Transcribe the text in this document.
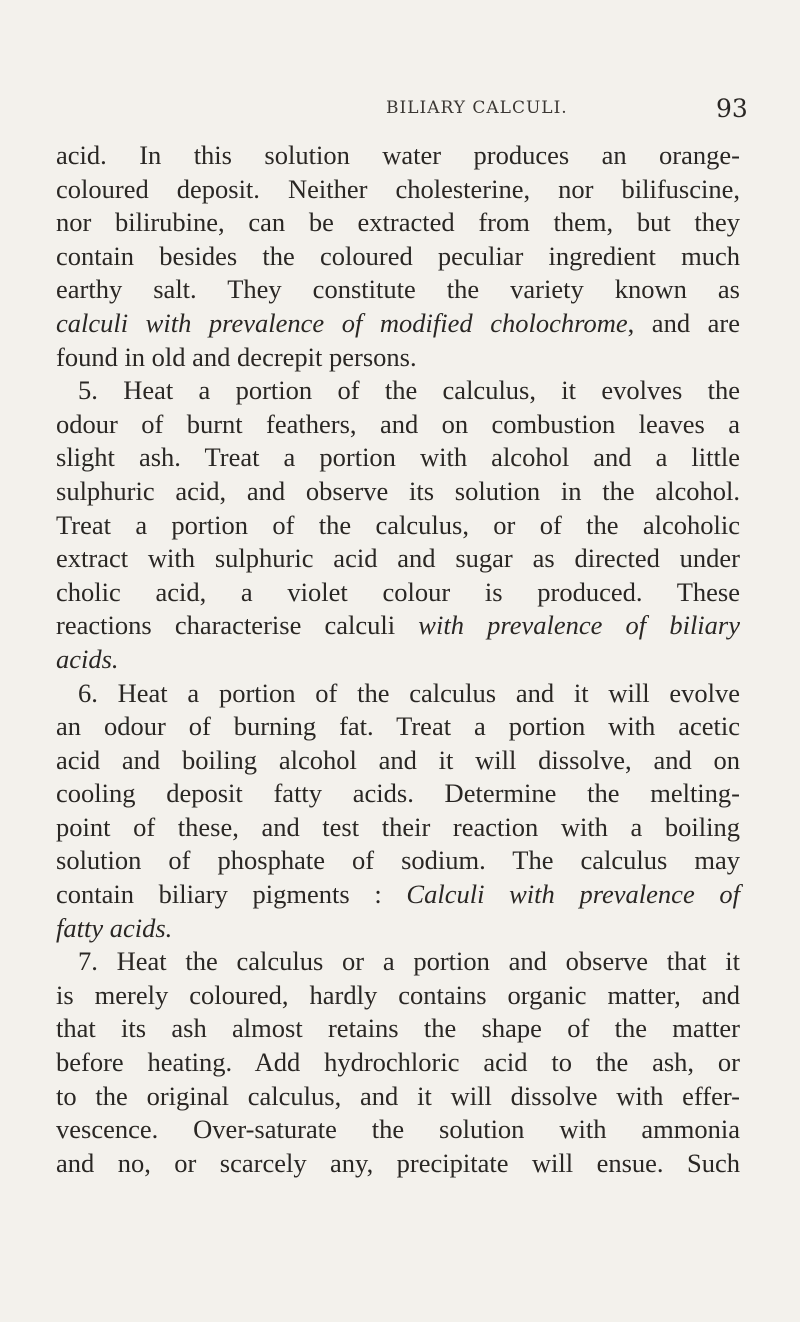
BILIARY CALCULI.	93
acid. In this solution water produces an orange-
coloured deposit. Neither cholesterine, nor bilifuscine,
nor bilirubine, can be extracted from them, but they
contain besides the coloured peculiar ingredient much
earthy salt. They constitute the variety known as
calculi with prevalence of modified cholochrome, and are
found in old and decrepit persons.
5. Heat a portion of the calculus, it evolves the
odour of burnt feathers, and on combustion leaves a
slight ash. Treat a portion with alcohol and a little
sulphuric acid, and observe its solution in the alcohol.
Treat a portion of the calculus, or of the alcoholic
extract with sulphuric acid and sugar as directed under
cholic acid, a violet colour is produced. These
reactions characterise calculi with prevalence of biliary
acids.
6. Heat a portion of the calculus and it will evolve
an odour of burning fat. Treat a portion with acetic
acid and boiling alcohol and it will dissolve, and on
cooling deposit fatty acids. Determine the melting-
point of these, and test their reaction with a boiling
solution of phosphate of sodium. The calculus may
contain biliary pigments : Calculi with prevalence of
fatty acids.
7. Heat the calculus or a portion and observe that it
is merely coloured, hardly contains organic matter, and
that its ash almost retains the shape of the matter
before heating. Add hydrochloric acid to the ash, or
to the original calculus, and it will dissolve with effer-
vescence. Over-saturate the solution with ammonia
and no, or scarcely any, precipitate will ensue. Such
